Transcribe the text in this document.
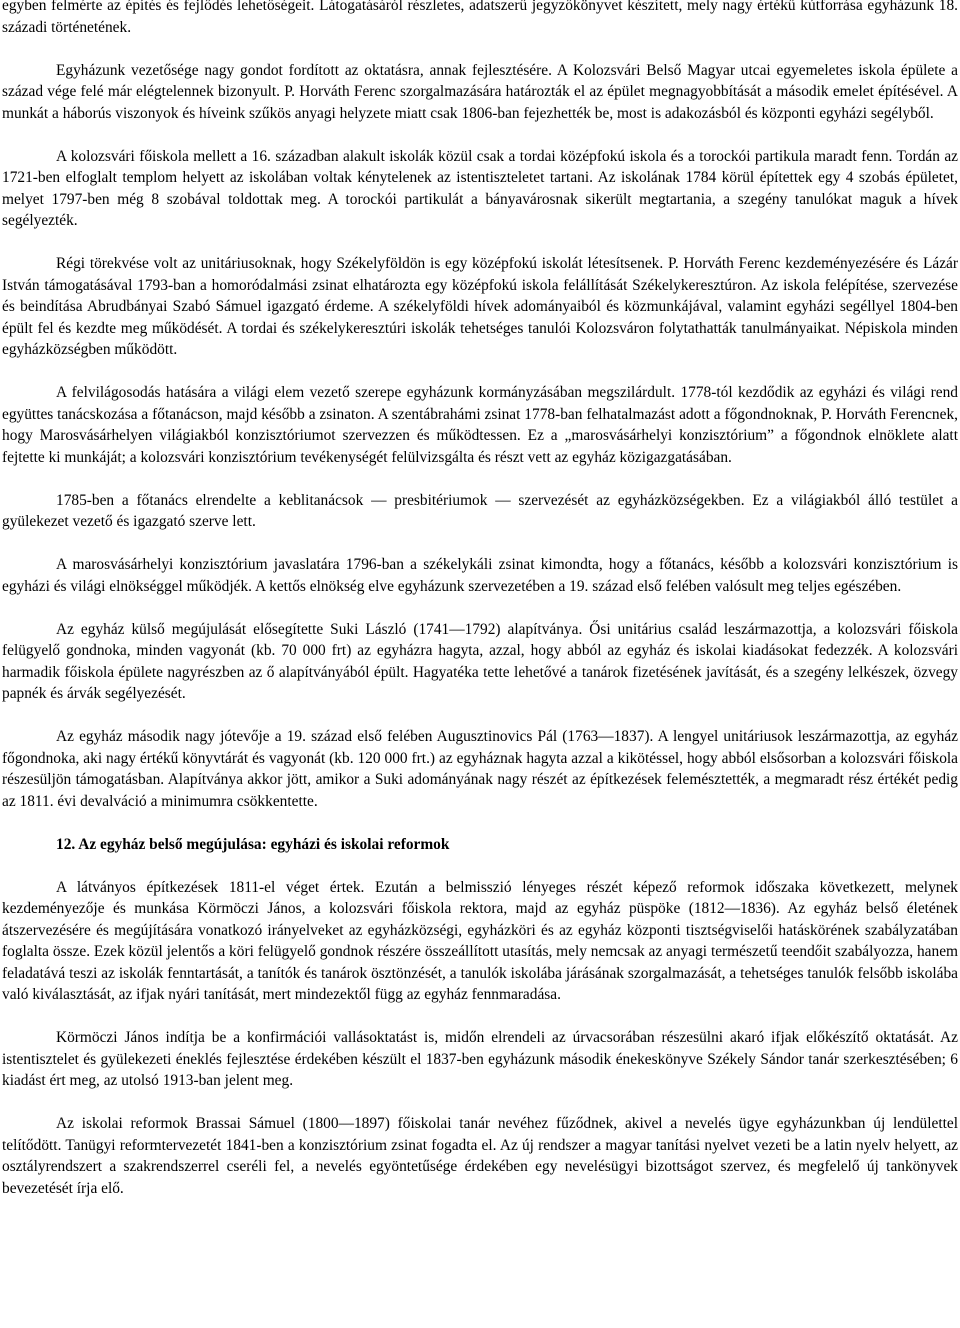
egyben felmérte az építés és fejlődés lehetőségeit. Látogatásáról részletes, adatszerű jegyzőkönyvet készített, mely nagy értékű kútforrása egyházunk 18. századi történetének.

Egyházunk vezetősége nagy gondot fordított az oktatásra, annak fejlesztésére. A Kolozsvári Belső Magyar utcai egyemeletes iskola épülete a század vége felé már elégtelennek bizonyult. P. Horváth Ferenc szorgalmazására határozták el az épület megnagyobbítását a második emelet építésével. A munkát a háborús viszonyok és híveink szűkös anyagi helyzete miatt csak 1806-ban fejezhették be, most is adakozásból és központi egyházi segélyből.

A kolozsvári főiskola mellett a 16. században alakult iskolák közül csak a tordai középfokú iskola és a torockói partikula maradt fenn. Tordán az 1721-ben elfoglalt templom helyett az iskolában voltak kénytelenek az istentiszteletet tartani. Az iskolának 1784 körül építettek egy 4 szobás épületet, melyet 1797-ben még 8 szobával toldottak meg. A torockói partikulát a bányavárosnak sikerült megtartania, a szegény tanulókat maguk a hívek segélyezték.

Régi törekvése volt az unitáriusoknak, hogy Székelyföldön is egy középfokú iskolát létesítsenek. P. Horváth Ferenc kezdeményezésére és Lázár István támogatásával 1793-ban a homoródalmási zsinat elhatározta egy középfokú iskola felállítását Székelykeresztúron. Az iskola felépítése, szervezése és beindítása Abrudbányai Szabó Sámuel igazgató érdeme. A székelyföldi hívek adományaiból és közmunkájával, valamint egyházi segéllyel 1804-ben épült fel és kezdte meg működését. A tordai és székelykeresztúri iskolák tehetséges tanulói Kolozsváron folytathatták tanulmányaikat. Népiskola minden egyházközségben működött.

A felvilágosodás hatására a világi elem vezető szerepe egyházunk kormányzásában megszilárdult. 1778-tól kezdődik az egyházi és világi rend együttes tanácskozása a főtanácson, majd később a zsinaton. A szentábrahámi zsinat 1778-ban felhatalmazást adott a főgondnoknak, P. Horváth Ferencnek, hogy Marosvásárhelyen világiakból konzisztóriumot szervezzen és működtessen. Ez a „marosvásárhelyi konzisztórium” a főgondnok elnöklete alatt fejtette ki munkáját; a kolozsvári konzisztórium tevékenységét felülvizsgálta és részt vett az egyház közigazgatásában.

1785-ben a főtanács elrendelte a keblitanácsok — presbitériumok — szervezését az egyházközségekben. Ez a világiakból álló testület a gyülekezet vezető és igazgató szerve lett.

A marosvásárhelyi konzisztórium javaslatára 1796-ban a székelykáli zsinat kimondta, hogy a főtanács, később a kolozsvári konzisztórium is egyházi és világi elnökséggel működjék. A kettős elnökség elve egyházunk szervezetében a 19. század első felében valósult meg teljes egészében.

Az egyház külső megújulását elősegítette Suki László (1741—1792) alapítványa. Ősi unitárius család leszármazottja, a kolozsvári főiskola felügyelő gondnoka, minden vagyonát (kb. 70 000 frt) az egyházra hagyta, azzal, hogy abból az egyház és iskolai kiadásokat fedezzék. A kolozsvári harmadik főiskola épülete nagyrészben az ő alapítványából épült. Hagyatéka tette lehetővé a tanárok fizetésének javítását, és a szegény lelkészek, özvegy papnék és árvák segélyezését.

Az egyház második nagy jótevője a 19. század első felében Augusztinovics Pál (1763—1837). A lengyel unitáriusok leszármazottja, az egyház főgondnoka, aki nagy értékű könyvtárát és vagyonát (kb. 120 000 frt.) az egyháznak hagyta azzal a kikötéssel, hogy abból elsősorban a kolozsvári főiskola részesüljön támogatásban. Alapítványa akkor jött, amikor a Suki adományának nagy részét az építkezések felemésztették, a megmaradt rész értékét pedig az 1811. évi devalváció a minimumra csökkentette.

12. Az egyház belső megújulása: egyházi és iskolai reformok

A látványos építkezések 1811-el véget értek. Ezután a belmisszió lényeges részét képező reformok időszaka következett, melynek kezdeményezője és munkása Körmöczi János, a kolozsvári főiskola rektora, majd az egyház püspöke (1812—1836). Az egyház belső életének átszervezésére és megújítására vonatkozó irányelveket az egyházközségi, egyházköri és az egyház központi tisztségviselői hatáskörének szabályzatában foglalta össze. Ezek közül jelentős a köri felügyelő gondnok részére összeállított utasítás, mely nemcsak az anyagi természetű teendőit szabályozza, hanem feladatává teszi az iskolák fenntartását, a tanítók és tanárok ösztönzését, a tanulók iskolába járásának szorgalmazását, a tehetséges tanulók felsőbb iskolába való kiválasztását, az ifjak nyári tanítását, mert mindezektől függ az egyház fennmaradása.

Körmöczi János indítja be a konfirmációi vallásoktatást is, midőn elrendeli az úrvacsorában részesülni akaró ifjak előkészítő oktatását. Az istentisztelet és gyülekezeti éneklés fejlesztése érdekében készült el 1837-ben egyházunk második énekeskönyve Székely Sándor tanár szerkesztésében; 6 kiadást ért meg, az utolsó 1913-ban jelent meg.

Az iskolai reformok Brassai Sámuel (1800—1897) főiskolai tanár nevéhez fűződnek, akivel a nevelés ügye egyházunkban új lendülettel telítődött. Tanügyi reformtervezetét 1841-ben a konzisztórium zsinat fogadta el. Az új rendszer a magyar tanítási nyelvet vezeti be a latin nyelv helyett, az osztályrendszert a szakrendszerrel cseréli fel, a nevelés egyöntetűsége érdekében egy nevelésügyi bizottságot szervez, és megfelelő új tankönyvek bevezetését írja elő.
